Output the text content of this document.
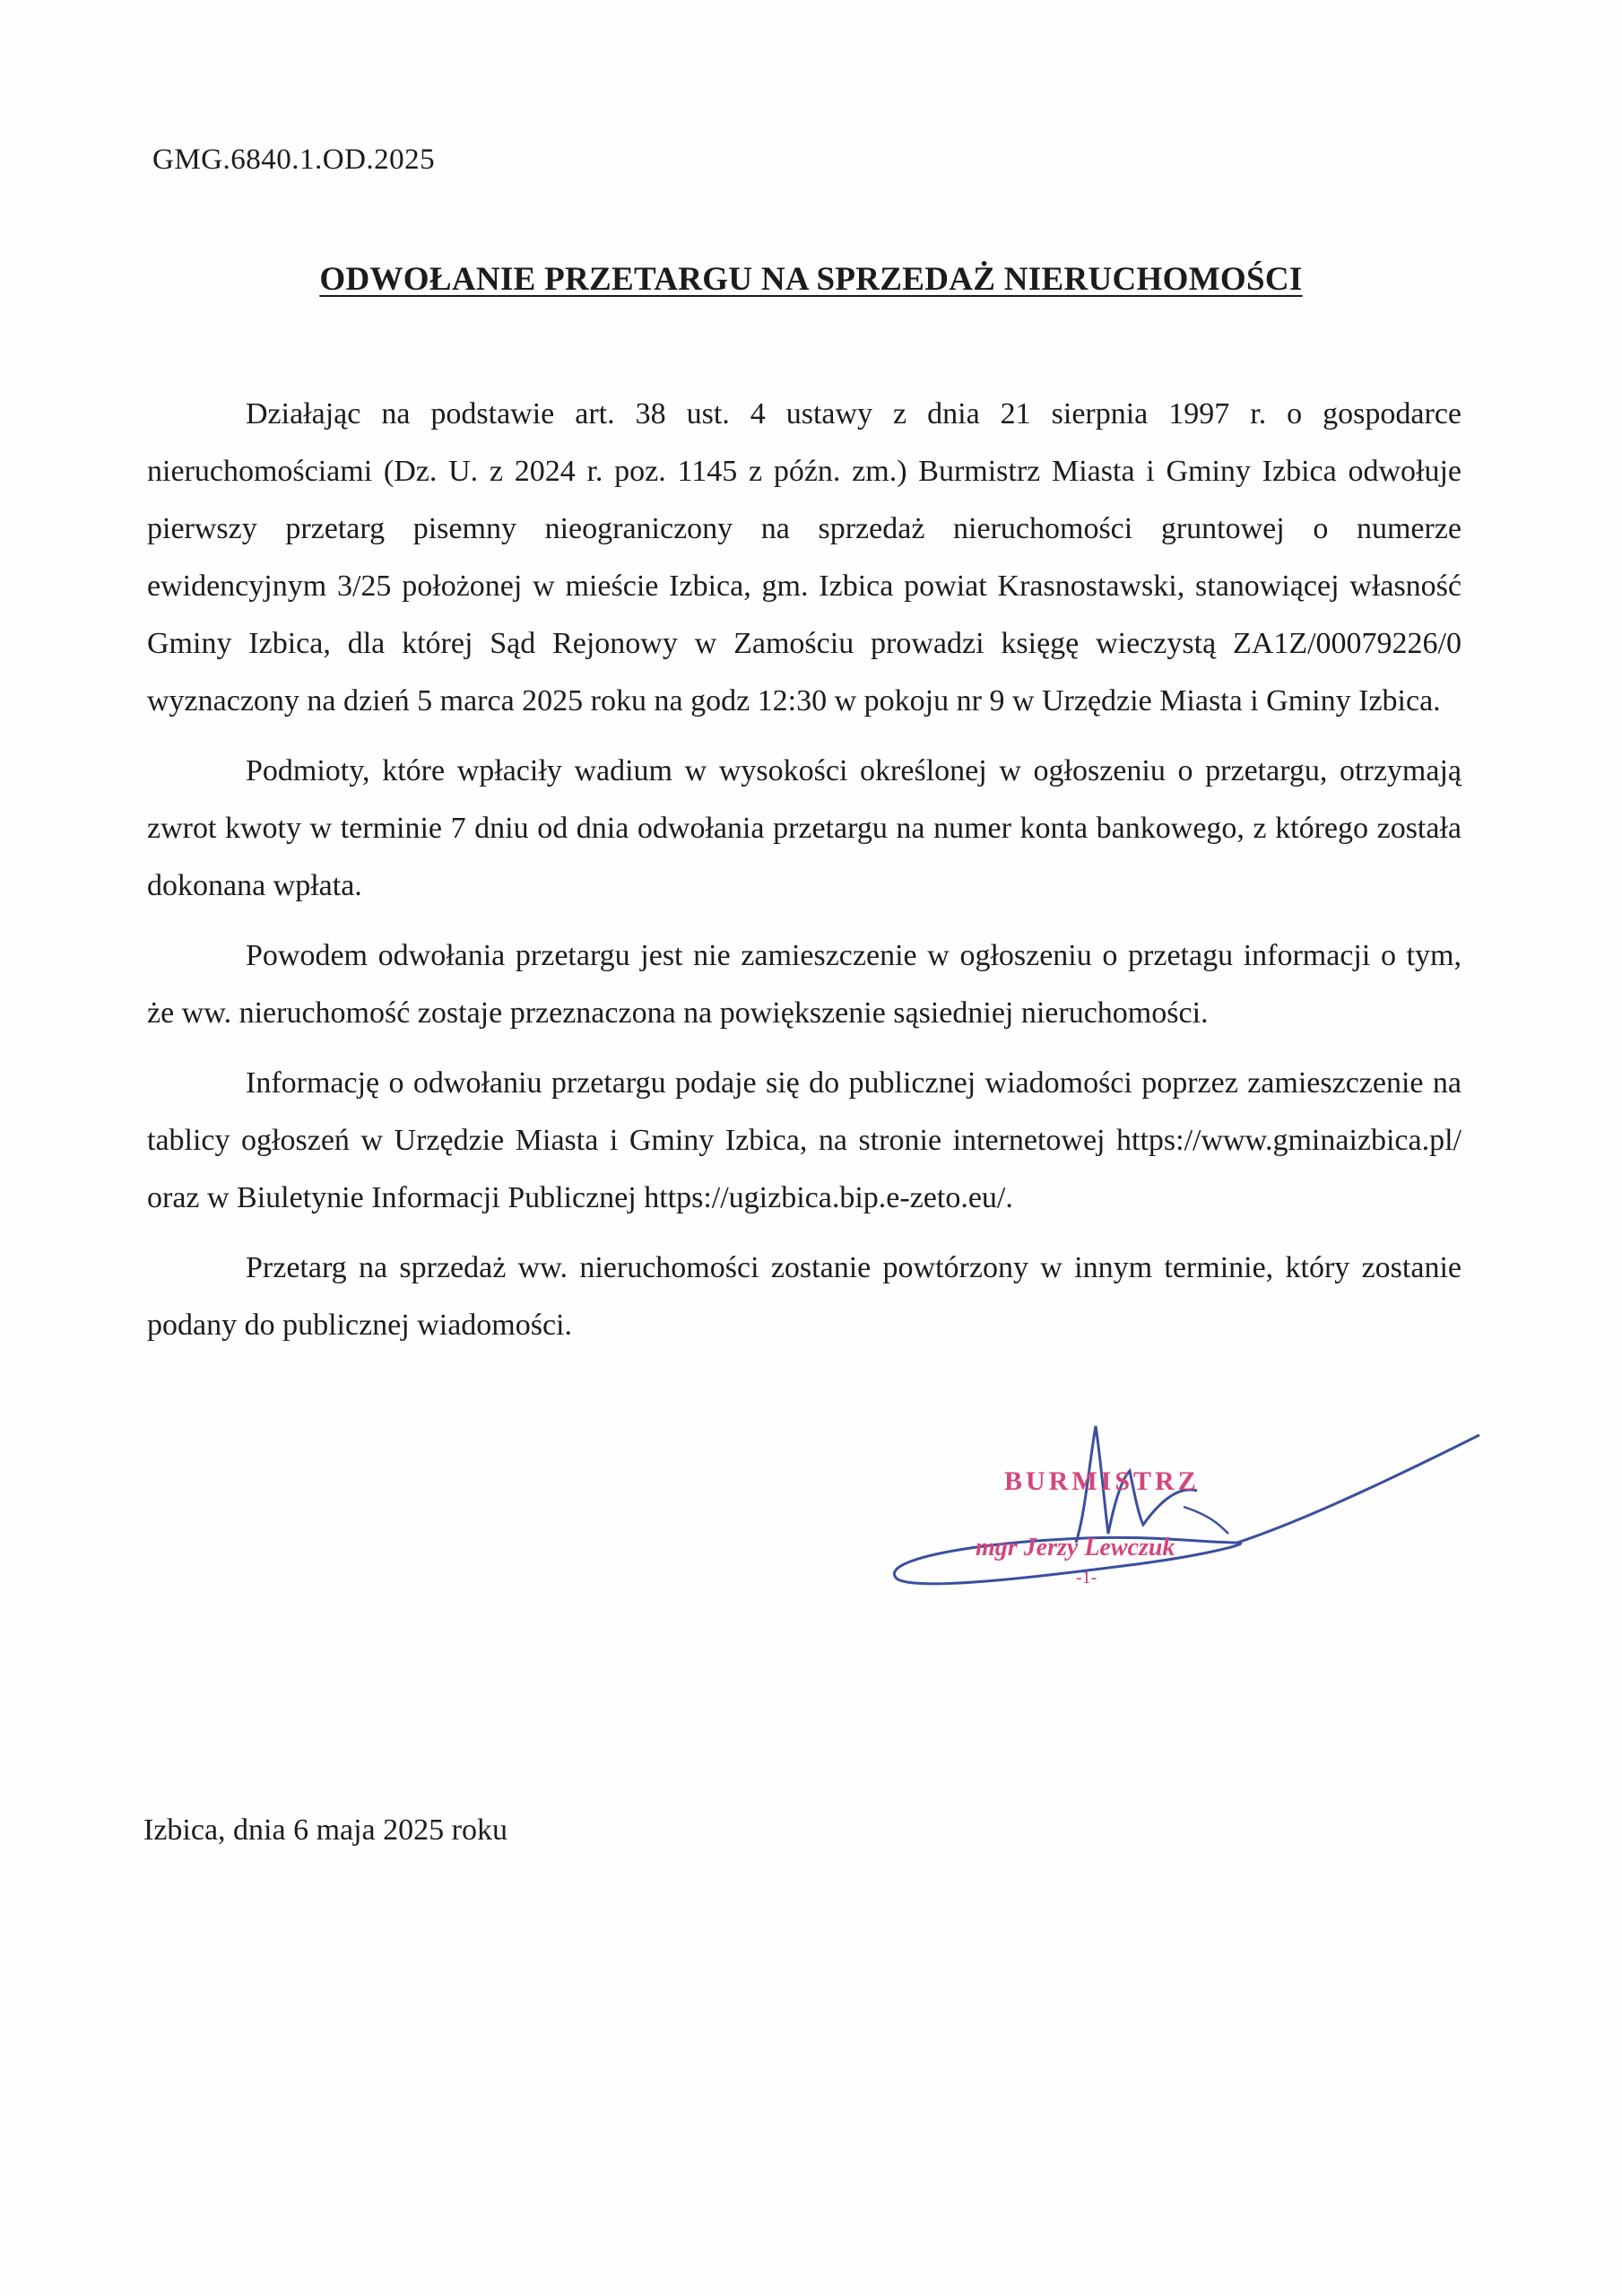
GMG.6840.1.OD.2025
ODWOŁANIE PRZETARGU NA SPRZEDAŻ NIERUCHOMOŚCI

Działając na podstawie art. 38 ust. 4 ustawy z dnia 21 sierpnia 1997 r. o gospodarce nieruchomościami (Dz. U. z 2024 r. poz. 1145 z późn. zm.) Burmistrz Miasta i Gminy Izbica odwołuje pierwszy przetarg pisemny nieograniczony na sprzedaż nieruchomości gruntowej o numerze ewidencyjnym 3/25 położonej w mieście Izbica, gm. Izbica powiat Krasnostawski, stanowiącej własność Gminy Izbica, dla której Sąd Rejonowy w Zamościu prowadzi księgę wieczystą ZA1Z/00079226/0 wyznaczony na dzień 5 marca 2025 roku na godz 12:30 w pokoju nr 9 w Urzędzie Miasta i Gminy Izbica.

Podmioty, które wpłaciły wadium w wysokości określonej w ogłoszeniu o przetargu, otrzymają zwrot kwoty w terminie 7 dniu od dnia odwołania przetargu na numer konta bankowego, z którego została dokonana wpłata.

Powodem odwołania przetargu jest nie zamieszczenie w ogłoszeniu o przetagu informacji o tym, że ww. nieruchomość zostaje przeznaczona na powiększenie sąsiedniej nieruchomości.

Informację o odwołaniu przetargu podaje się do publicznej wiadomości poprzez zamieszczenie na tablicy ogłoszeń w Urzędzie Miasta i Gminy Izbica, na stronie internetowej https://www.gminaizbica.pl/ oraz w Biuletynie Informacji Publicznej https://ugizbica.bip.e-zeto.eu/.

Przetarg na sprzedaż ww. nieruchomości zostanie powtórzony w innym terminie, który zostanie podany do publicznej wiadomości.

BURMISTRZ
mgr Jerzy Lewczuk
-1-
Izbica, dnia 6 maja 2025 roku
